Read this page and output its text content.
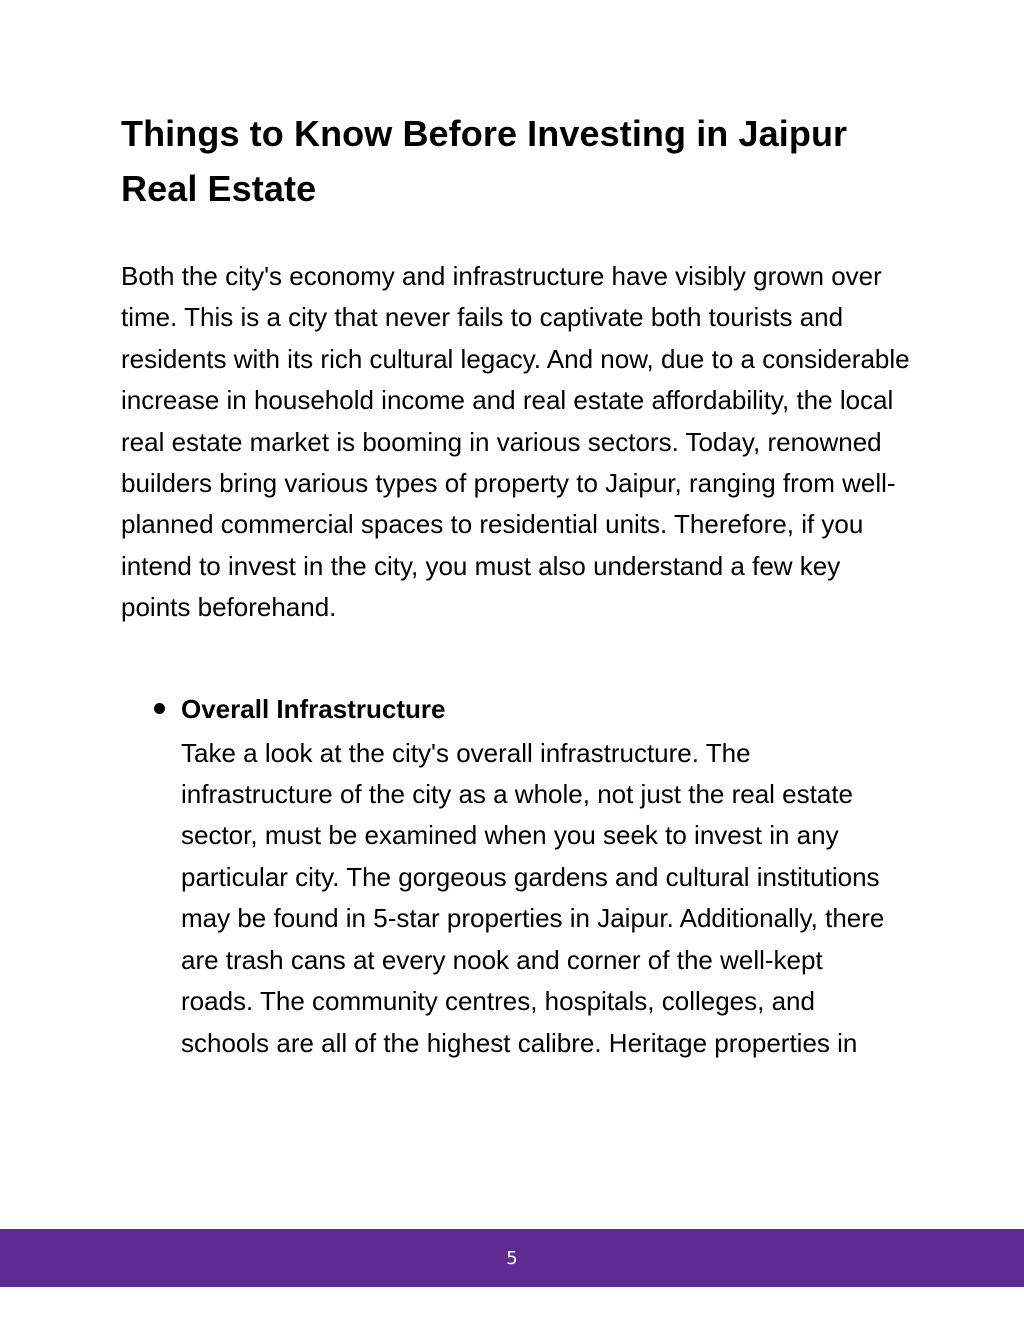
Things to Know Before Investing in Jaipur Real Estate

Both the city's economy and infrastructure have visibly grown over time. This is a city that never fails to captivate both tourists and residents with its rich cultural legacy. And now, due to a considerable increase in household income and real estate affordability, the local real estate market is booming in various sectors. Today, renowned builders bring various types of property to Jaipur, ranging from well-planned commercial spaces to residential units. Therefore, if you intend to invest in the city, you must also understand a few key points beforehand.

Overall Infrastructure

Take a look at the city's overall infrastructure. The infrastructure of the city as a whole, not just the real estate sector, must be examined when you seek to invest in any particular city. The gorgeous gardens and cultural institutions may be found in 5-star properties in Jaipur. Additionally, there are trash cans at every nook and corner of the well-kept roads. The community centres, hospitals, colleges, and schools are all of the highest calibre. Heritage properties in

5
